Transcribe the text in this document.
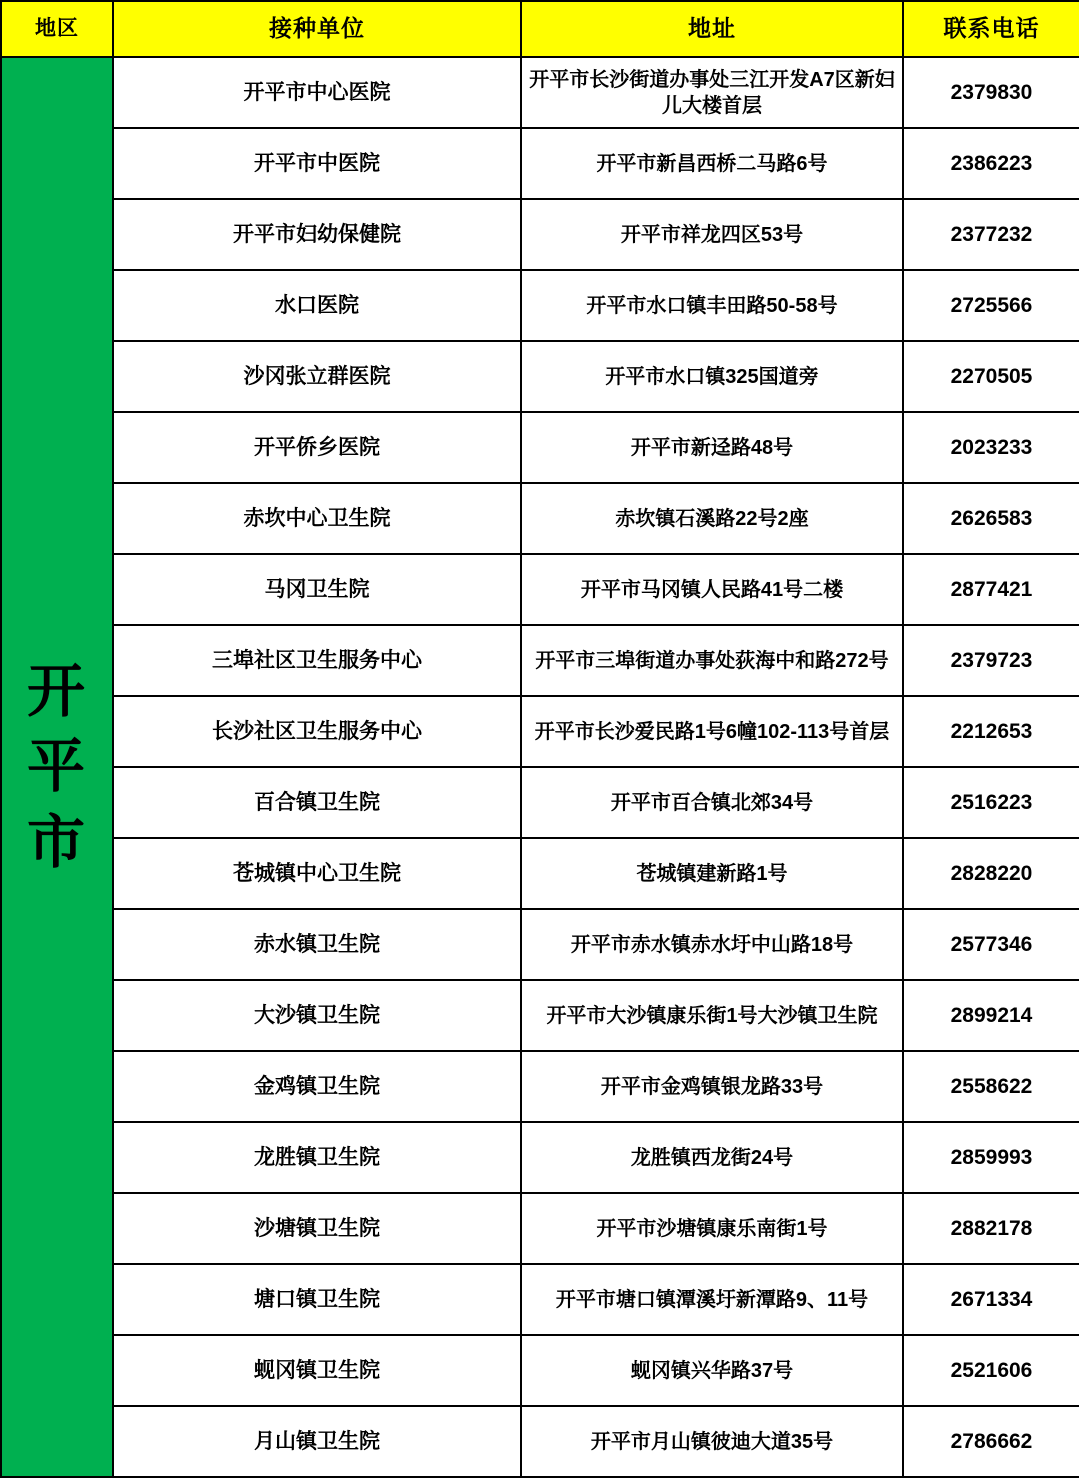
地区	接种单位	地址	联系电话

开平市	开平市中心医院	开平市长沙街道办事处三江开发A7区新妇儿大楼首层	2379830
	开平市中医院	开平市新昌西桥二马路6号	2386223
	开平市妇幼保健院	开平市祥龙四区53号	2377232
	水口医院	开平市水口镇丰田路50-58号	2725566
	沙冈张立群医院	开平市水口镇325国道旁	2270505
	开平侨乡医院	开平市新迳路48号	2023233
	赤坎中心卫生院	赤坎镇石溪路22号2座	2626583
	马冈卫生院	开平市马冈镇人民路41号二楼	2877421
	三埠社区卫生服务中心	开平市三埠街道办事处荻海中和路272号	2379723
	长沙社区卫生服务中心	开平市长沙爱民路1号6幢102-113号首层	2212653
	百合镇卫生院	开平市百合镇北郊34号	2516223
	苍城镇中心卫生院	苍城镇建新路1号	2828220
	赤水镇卫生院	开平市赤水镇赤水圩中山路18号	2577346
	大沙镇卫生院	开平市大沙镇康乐街1号大沙镇卫生院	2899214
	金鸡镇卫生院	开平市金鸡镇银龙路33号	2558622
	龙胜镇卫生院	龙胜镇西龙街24号	2859993
	沙塘镇卫生院	开平市沙塘镇康乐南街1号	2882178
	塘口镇卫生院	开平市塘口镇潭溪圩新潭路9、11号	2671334
	蚬冈镇卫生院	蚬冈镇兴华路37号	2521606
	月山镇卫生院	开平市月山镇彼迪大道35号	2786662
